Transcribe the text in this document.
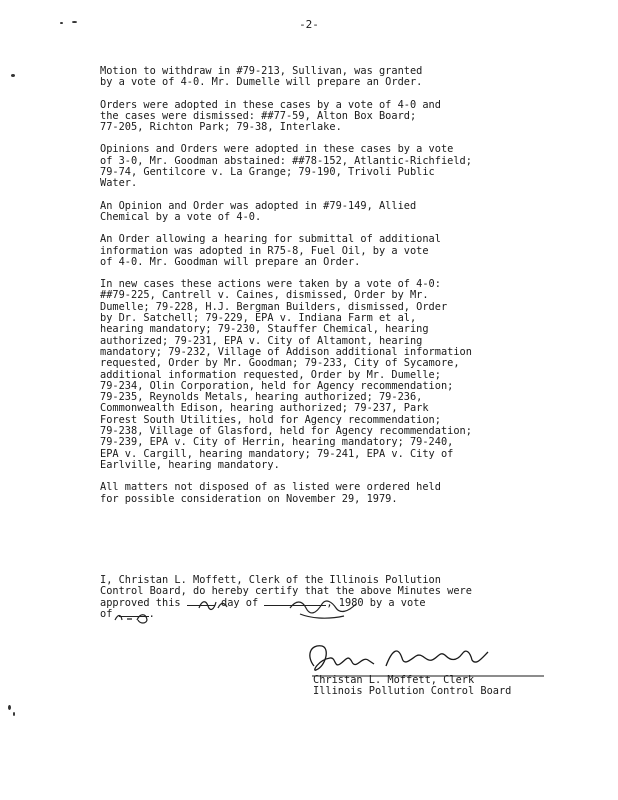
-2-

Motion to withdraw in #79-213, Sullivan, was granted
by a vote of 4-0. Mr. Dumelle will prepare an Order.

Orders were adopted in these cases by a vote of 4-0 and
the cases were dismissed: ##77-59, Alton Box Board;
77-205, Richton Park; 79-38, Interlake.

Opinions and Orders were adopted in these cases by a vote
of 3-0, Mr. Goodman abstained: ##78-152, Atlantic-Richfield;
79-74, Gentilcore v. La Grange; 79-190, Trivoli Public
Water.

An Opinion and Order was adopted in #79-149, Allied
Chemical by a vote of 4-0.

An Order allowing a hearing for submittal of additional
information was adopted in R75-8, Fuel Oil, by a vote
of 4-0. Mr. Goodman will prepare an Order.

In new cases these actions were taken by a vote of 4-0:
##79-225, Cantrell v. Caines, dismissed, Order by Mr.
Dumelle; 79-228, H.J. Bergman Builders, dismissed, Order
by Dr. Satchell; 79-229, EPA v. Indiana Farm et al,
hearing mandatory; 79-230, Stauffer Chemical, hearing
authorized; 79-231, EPA v. City of Altamont, hearing
mandatory; 79-232, Village of Addison additional information
requested, Order by Mr. Goodman; 79-233, City of Sycamore,
additional information requested, Order by Mr. Dumelle;
79-234, Olin Corporation, held for Agency recommendation;
79-235, Reynolds Metals, hearing authorized; 79-236,
Commonwealth Edison, hearing authorized; 79-237, Park
Forest South Utilities, hold for Agency recommendation;
79-238, Village of Glasford, held for Agency recommendation;
79-239, EPA v. City of Herrin, hearing mandatory; 79-240,
EPA v. Cargill, hearing mandatory; 79-241, EPA v. City of
Earlville, hearing mandatory.

All matters not disposed of as listed were ordered held
for possible consideration on November 29, 1979.

I, Christan L. Moffett, Clerk of the Illinois Pollution
Control Board, do hereby certify that the above Minutes were
approved this	day of	, 1980 by a vote
of	.
Christan L. Moffett, Clerk
Illinois Pollution Control Board
